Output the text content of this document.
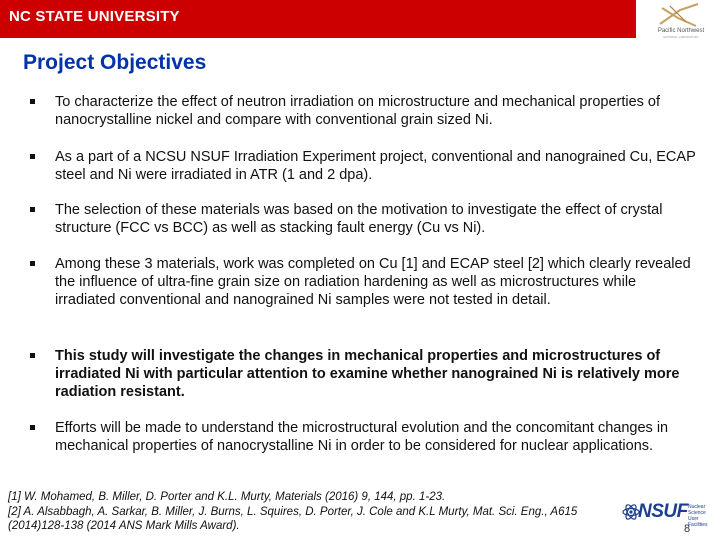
NC STATE UNIVERSITY
Pacific Northwest
NATIONAL LABORATORY
Project Objectives
To characterize the effect of neutron irradiation on microstructure and mechanical properties of nanocrystalline nickel and compare with conventional grain sized Ni.
As a part of a NCSU NSUF Irradiation Experiment project, conventional and nanograined Cu, ECAP steel and Ni were irradiated in ATR (1 and 2 dpa).
The selection of these materials was based on the motivation to investigate the effect of crystal structure (FCC vs BCC) as well as stacking fault energy (Cu vs Ni).
Among these 3 materials, work was completed on Cu [1] and ECAP steel [2] which clearly revealed the influence of ultra-fine grain size on radiation hardening as well as microstructures while irradiated conventional and nanograined Ni samples were not tested in detail.
This study will investigate the changes in mechanical properties and microstructures of irradiated Ni with particular attention to examine whether nanograined Ni is relatively more radiation resistant.
Efforts will be made to understand the microstructural evolution and the concomitant changes in mechanical properties of nanocrystalline Ni in order to be considered for nuclear applications.
[1] W. Mohamed, B. Miller, D. Porter and K.L. Murty, Materials (2016) 9, 144, pp. 1-23.
[2] A. Alsabbagh, A. Sarkar, B. Miller, J. Burns, L. Squires, D. Porter, J. Cole and K.L Murty, Mat. Sci. Eng., A615 (2014)128-138 (2014 ANS Mark Mills Award).
NSUF Nuclear Science User Facilities
8
